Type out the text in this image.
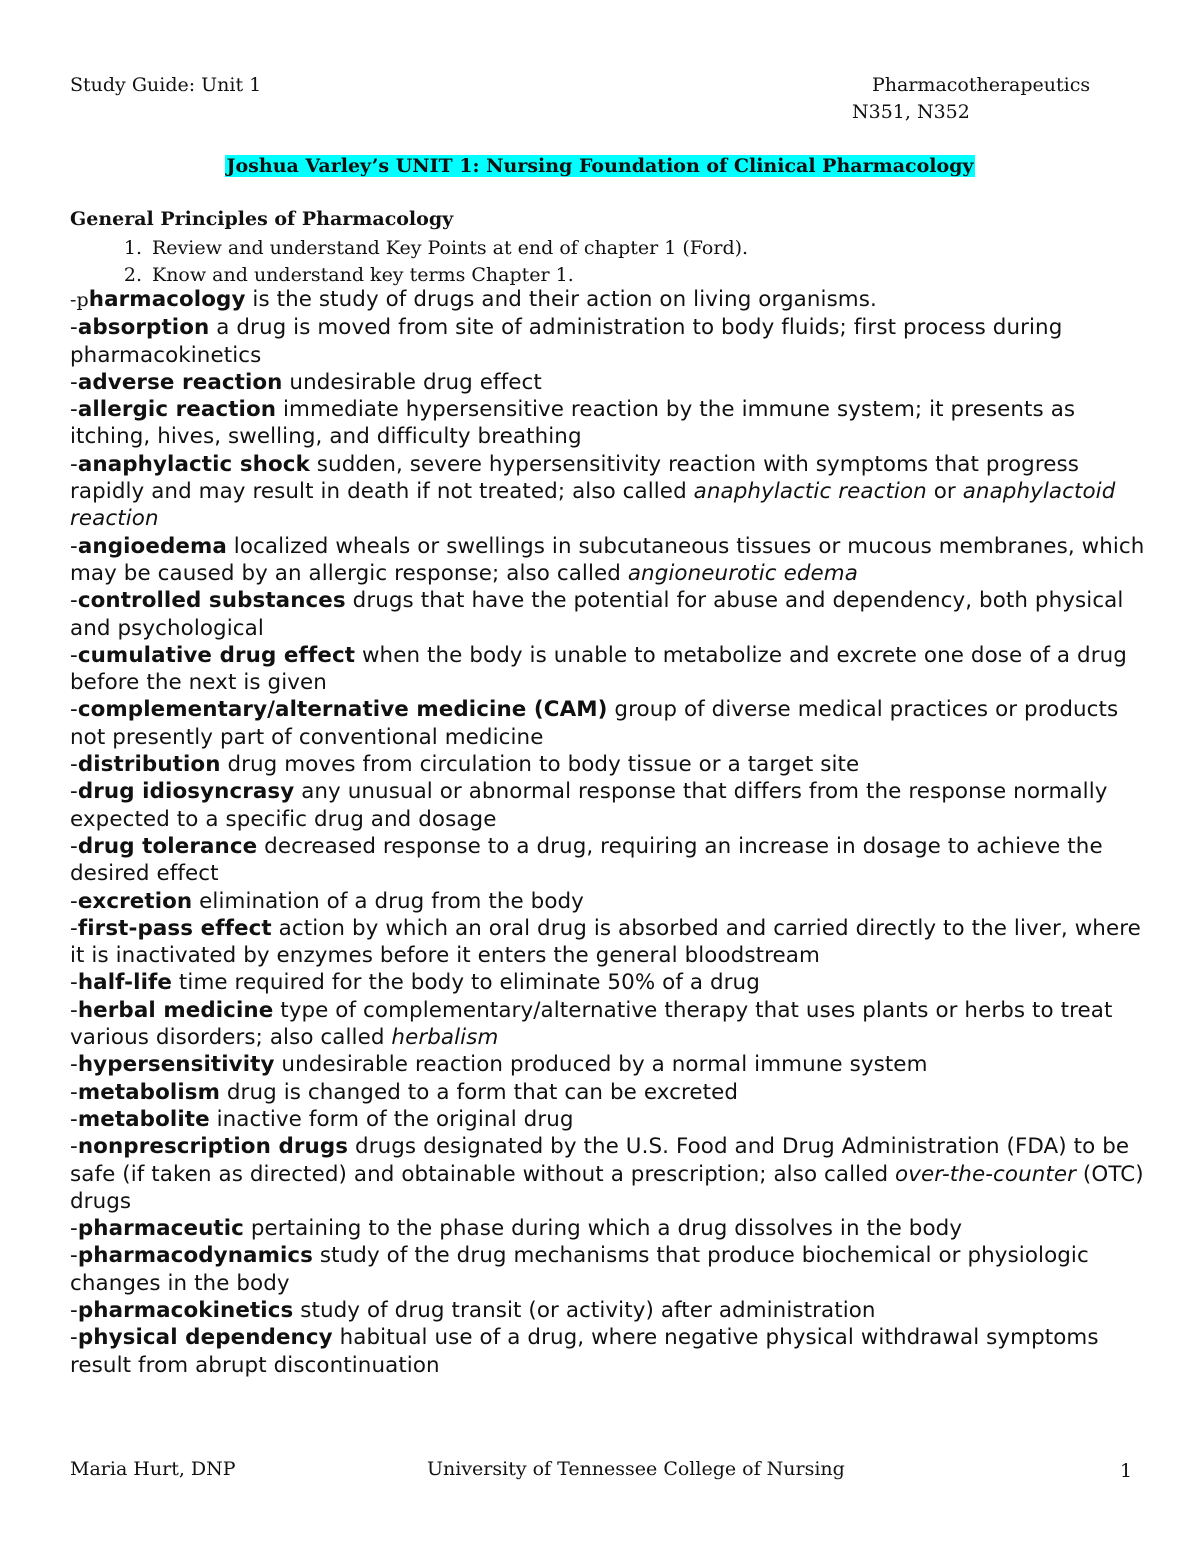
Study Guide: Unit 1	Pharmacotherapeutics
N351, N352
Joshua Varley’s UNIT 1: Nursing Foundation of Clinical Pharmacology
General Principles of Pharmacology
1. Review and understand Key Points at end of chapter 1 (Ford).
2. Know and understand key terms Chapter 1.

-pharmacology is the study of drugs and their action on living organisms.

-absorption a drug is moved from site of administration to body fluids; first process during pharmacokinetics

-adverse reaction undesirable drug effect

-allergic reaction immediate hypersensitive reaction by the immune system; it presents as itching, hives, swelling, and difficulty breathing

-anaphylactic shock sudden, severe hypersensitivity reaction with symptoms that progress rapidly and may result in death if not treated; also called anaphylactic reaction or anaphylactoid reaction

-angioedema localized wheals or swellings in subcutaneous tissues or mucous membranes, which may be caused by an allergic response; also called angioneurotic edema

-controlled substances drugs that have the potential for abuse and dependency, both physical and psychological

-cumulative drug effect when the body is unable to metabolize and excrete one dose of a drug before the next is given

-complementary/alternative medicine (CAM) group of diverse medical practices or products not presently part of conventional medicine

-distribution drug moves from circulation to body tissue or a target site

-drug idiosyncrasy any unusual or abnormal response that differs from the response normally expected to a specific drug and dosage

-drug tolerance decreased response to a drug, requiring an increase in dosage to achieve the desired effect

-excretion elimination of a drug from the body

-first-pass effect action by which an oral drug is absorbed and carried directly to the liver, where it is inactivated by enzymes before it enters the general bloodstream

-half-life time required for the body to eliminate 50% of a drug

-herbal medicine type of complementary/alternative therapy that uses plants or herbs to treat various disorders; also called herbalism

-hypersensitivity undesirable reaction produced by a normal immune system

-metabolism drug is changed to a form that can be excreted

-metabolite inactive form of the original drug

-nonprescription drugs drugs designated by the U.S. Food and Drug Administration (FDA) to be safe (if taken as directed) and obtainable without a prescription; also called over-the-counter (OTC) drugs

-pharmaceutic pertaining to the phase during which a drug dissolves in the body

-pharmacodynamics study of the drug mechanisms that produce biochemical or physiologic changes in the body

-pharmacokinetics study of drug transit (or activity) after administration

-physical dependency habitual use of a drug, where negative physical withdrawal symptoms result from abrupt discontinuation

Maria Hurt, DNP	University of Tennessee College of Nursing	1
